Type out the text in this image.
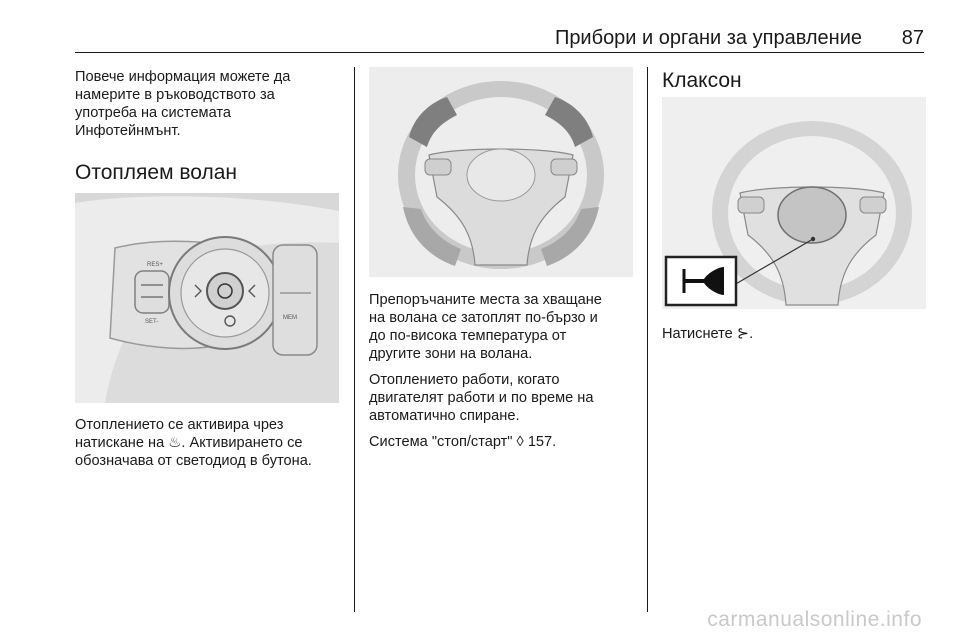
Прибори и органи за управление 87

Повече информация можете да
намерите в ръководството за
употреба на системата
Инфотейнмънт.

Отопляем волан
RES+
SET-
MEM

Отоплението се активира чрез
натискане на ♨. Активирането се
обозначава от светодиод в бутона.

Препоръчаните места за хващане
на волана се затоплят по-бързо и
до по-висока температура от
другите зони на волана.

Отоплението работи, когато
двигателят работи и по време на
автоматично спиране.

Система "стоп/старт" ◊ 157.

Клаксон
Натиснете ⊱.
carmanualsonline.info
